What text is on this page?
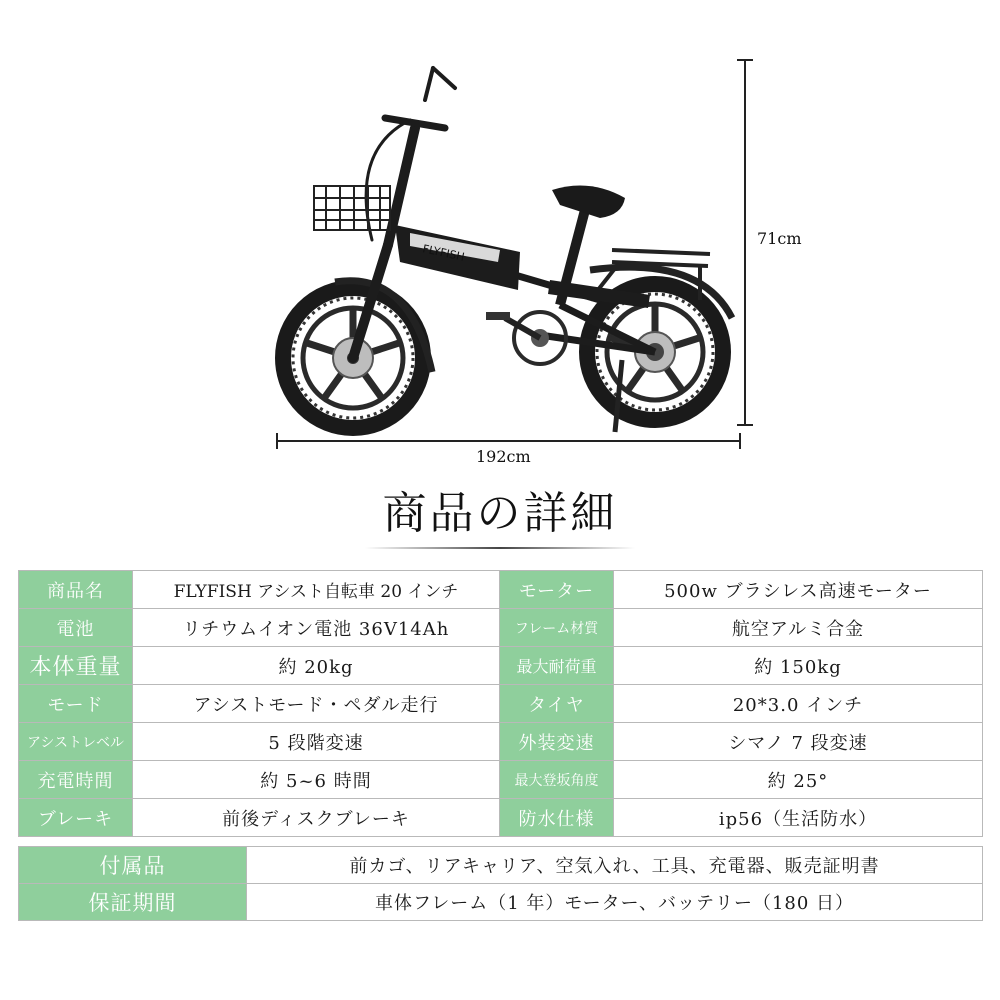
FLYFISH
71cm
192cm
商品の詳細
商品名	FLYFISH アシスト自転車 20 インチ	モーター	500w ブラシレス高速モーター
電池	リチウムイオン電池 36V14Ah	フレーム材質	航空アルミ合金
本体重量	約 20kg	最大耐荷重	約 150kg
モード	アシストモード・ペダル走行	タイヤ	20*3.0 インチ
アシストレベル	5 段階変速	外装変速	シマノ 7 段変速
充電時間	約 5~6 時間	最大登坂角度	約 25°
ブレーキ	前後ディスクブレーキ	防水仕様	ip56（生活防水）
付属品	前カゴ、リアキャリア、空気入れ、工具、充電器、販売証明書
保証期間	車体フレーム（1 年）モーター、バッテリー（180 日）
